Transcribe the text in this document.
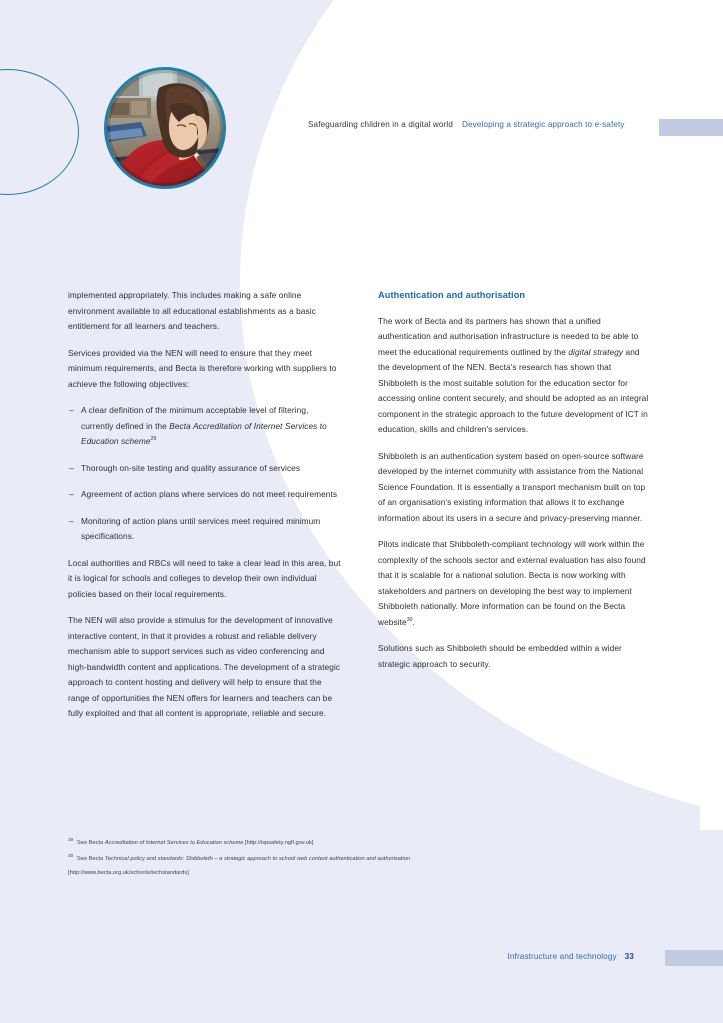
Safeguarding children in a digital world Developing a strategic approach to e-safety

implemented appropriately. This includes making a safe online environment available to all educational establishments as a basic entitlement for all learners and teachers.

Services provided via the NEN will need to ensure that they meet minimum requirements, and Becta is therefore working with suppliers to achieve the following objectives:

– A clear definition of the minimum acceptable level of filtering, currently defined in the Becta Accreditation of Internet Services to Education scheme$^{29}$
– Thorough on-site testing and quality assurance of services
– Agreement of action plans where services do not meet requirements
– Monitoring of action plans until services meet required minimum specifications.

Local authorities and RBCs will need to take a clear lead in this area, but it is logical for schools and colleges to develop their own individual policies based on their local requirements.

The NEN will also provide a stimulus for the development of innovative interactive content, in that it provides a robust and reliable delivery mechanism able to support services such as video conferencing and high-bandwidth content and applications. The development of a strategic approach to content hosting and delivery will help to ensure that the range of opportunities the NEN offers for learners and teachers can be fully exploited and that all content is appropriate, reliable and secure.

Authentication and authorisation

The work of Becta and its partners has shown that a unified authentication and authorisation infrastructure is needed to be able to meet the educational requirements outlined by the digital strategy and the development of the NEN. Becta's research has shown that Shibboleth is the most suitable solution for the education sector for accessing online content securely, and should be adopted as an integral component in the strategic approach to the future development of ICT in education, skills and children's services.

Shibboleth is an authentication system based on open-source software developed by the internet community with assistance from the National Science Foundation. It is essentially a transport mechanism built on top of an organisation's existing information that allows it to exchange information about its users in a secure and privacy-preserving manner.

Pilots indicate that Shibboleth-compliant technology will work within the complexity of the schools sector and external evaluation has also found that it is scalable for a national solution. Becta is now working with stakeholders and partners on developing the best way to implement Shibboleth nationally. More information can be found on the Becta website$^{30}$.

Solutions such as Shibboleth should be embedded within a wider strategic approach to security.

29
See Becta Accreditation of Internet Services to Education scheme [http://ispsafety.ngfl.gov.uk]
30
See Becta Technical policy and standards: Shibboleth – a strategic approach to school web content authentication and authorisation
[http://www.becta.org.uk/schools/techstandards]
Infrastructure and technology 33
